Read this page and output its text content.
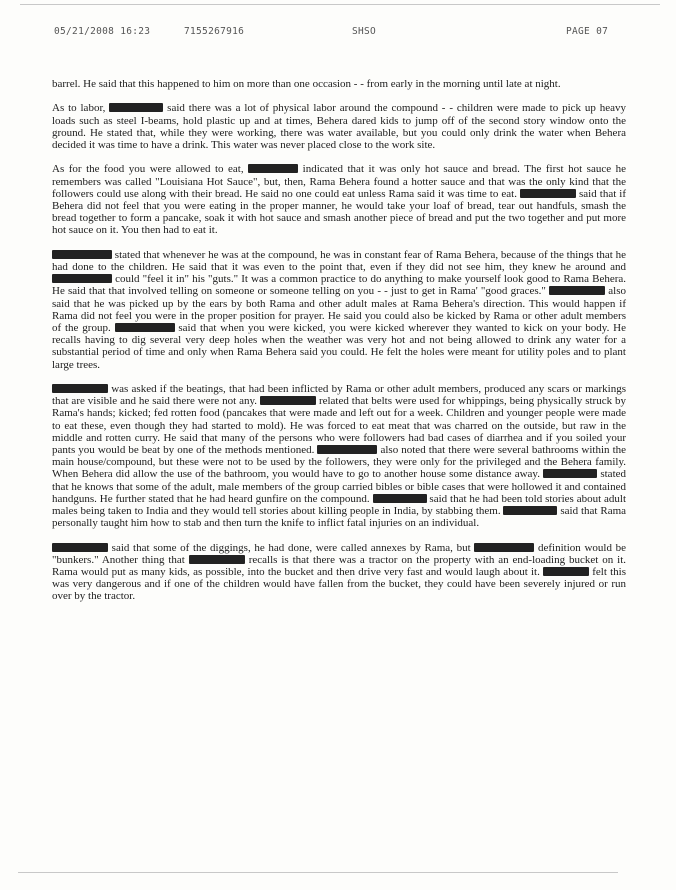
05/21/2008 16:23	7155267916	SHSO	PAGE 07

barrel. He said that this happened to him on more than one occasion - - from early in the morning until late at night.

As to labor,	said there was a lot of physical labor around the compound - - children were made to pick up heavy loads such as steel I-beams, hold plastic up and at times, Behera dared kids to jump off of the second story window onto the ground. He stated that, while they were working, there was water available, but you could only drink the water when Behera decided it was time to have a drink. This water was never placed close to the work site.

As for the food you were allowed to eat,	indicated that it was only hot sauce and bread. The first hot sauce he remembers was called "Louisiana Hot Sauce", but, then, Rama Behera found a hotter sauce and that was the only kind that the followers could use along with their bread. He said no one could eat unless Rama said it was time to eat.	said that if Behera did not feel that you were eating in the proper manner, he would take your loaf of bread, tear out handfuls, smash the bread together to form a pancake, soak it with hot sauce and smash another piece of bread and put the two together and put more hot sauce on it. You then had to eat it.

stated that whenever he was at the compound, he was in constant fear of Rama Behera, because of the things that he had done to the children. He said that it was even to the point that, even if they did not see him, they knew he around and  could "feel it in" his "guts." It was a common practice to do anything to make yourself look good to Rama Behera. He said that that involved telling on someone or someone telling on you - - just to get in Rama' "good graces."	also said that he was picked up by the ears by both Rama and other adult males at Rama Behera's direction. This would happen if Rama did not feel you were in the proper position for prayer. He said you could also be kicked by Rama or other adult members of the group.	said that when you were kicked, you were kicked wherever they wanted to kick on your body. He recalls having to dig several very deep holes when the weather was very hot and not being allowed to drink any water for a substantial period of time and only when Rama Behera said you could. He felt the holes were meant for utility poles and to plant large trees.

was asked if the beatings, that had been inflicted by Rama or other adult members, produced any scars or markings that are visible and he said there were not any.	related that belts were used for whippings, being physically struck by Rama's hands; kicked; fed rotten food (pancakes that were made and left out for a week. Children and younger people were made to eat these, even though they had started to mold). He was forced to eat meat that was charred on the outside, but raw in the middle and rotten curry. He said that many of the persons who were followers had bad cases of diarrhea and if you soiled your pants you would be beat by one of the methods mentioned.	also noted that there were several bathrooms within the main house/compound, but these were not to be used by the followers, they were only for the privileged and the Behera family. When Behera did allow the use of the bathroom, you would have to go to another house some distance away.	stated that he knows that some of the adult, male members of the group carried bibles or bible cases that were hollowed it and contained handguns. He further stated that he had heard gunfire on the compound.	said that he had been told stories about adult males being taken to India and they would tell stories about killing people in India, by stabbing them.	said that Rama personally taught him how to stab and then turn the knife to inflict fatal injuries on an individual.

said that some of the diggings, he had done, were called annexes by Rama, but	definition would be "bunkers." Another thing that	recalls is that there was a tractor on the property with an end-loading bucket on it. Rama would put as many kids, as possible, into the bucket and then drive very fast and would laugh about it.	felt this was very dangerous and if one of the children would have fallen from the bucket, they could have been severely injured or run over by the tractor.
